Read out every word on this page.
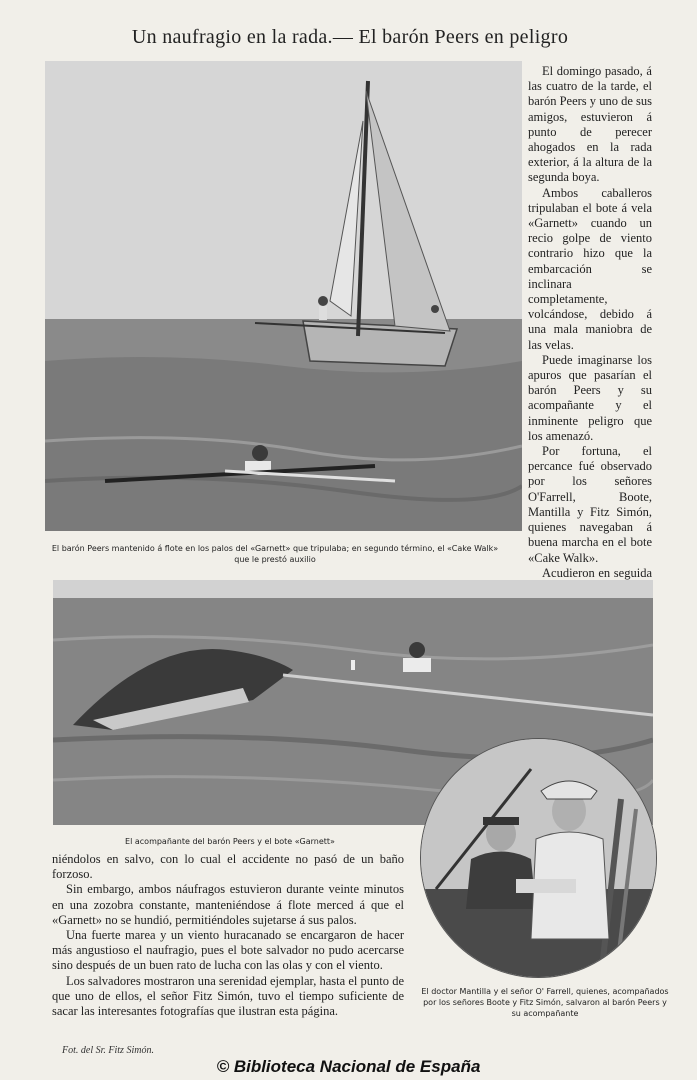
Un naufragio en la rada.— El barón Peers en peligro
El barón Peers mantenido á flote en los palos del «Garnett» que tripulaba; en segundo término, el «Cake Walk» que le prestó auxilio

El domingo pasado, á las cuatro de la tarde, el barón Peers y uno de sus amigos, estuvieron á punto de perecer ahogados en la rada exterior, á la altura de la segunda boya.

Ambos caballeros tripulaban el bote á vela «Garnett» cuando un recio golpe de viento contrario hizo que la embarcación se inclinara completamente, volcándose, debido á una mala maniobra de las velas.

Puede imaginarse los apuros que pasarían el barón Peers y su acompañante y el inminente peligro que los amenazó.

Por fortuna, el percance fué observado por los señores O'Farrell, Boote, Mantilla y Fitz Simón, quienes navegaban á buena marcha en el bote «Cake Walk».

Acudieron en seguida

El acompañante del barón Peers y el bote «Garnett»
El doctor Mantilla y el señor O' Farrell, quienes, acompañados por los señores Boote y Fitz Simón, salvaron al barón Peers y su acompañante

niéndolos en salvo, con lo cual el accidente no pasó de un baño forzoso.

Sin embargo, ambos náufragos estuvieron durante veinte minutos en una zozobra constante, manteniéndose á flote merced á que el «Garnett» no se hundió, permitiéndoles sujetarse á sus palos.

Una fuerte marea y un viento huracanado se encargaron de hacer más angustioso el naufragio, pues el bote salvador no pudo acercarse sino después de un buen rato de lucha con las olas y con el viento.

Los salvadores mostraron una serenidad ejemplar, hasta el punto de que uno de ellos, el señor Fitz Simón, tuvo el tiempo suficiente de sacar las interesantes fotografías que ilustran esta página.

Fot. del Sr. Fitz Simón.
© Biblioteca Nacional de España
